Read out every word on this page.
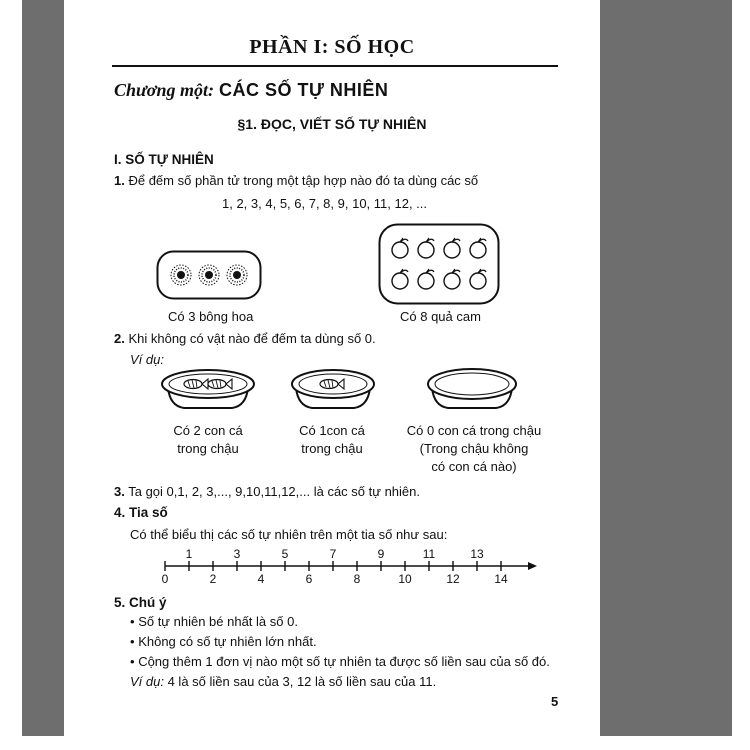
PHẦN I: SỐ HỌC
Chương một: CÁC SỐ TỰ NHIÊN
§1. ĐỌC, VIẾT SỐ TỰ NHIÊN
I. SỐ TỰ NHIÊN
1. Để đếm số phần tử trong một tập hợp nào đó ta dùng các số
1, 2, 3, 4, 5, 6, 7, 8, 9, 10, 11, 12, ...
Có 3 bông hoa	Có 8 quả cam
2. Khi không có vật nào để đếm ta dùng số 0.
Ví dụ:
Có 2 con cá
trong chậu
Có 1con cá
trong chậu
Có 0 con cá trong chậu
(Trong chậu không
có con cá nào)
3. Ta gọi 0,1, 2, 3,..., 9,10,11,12,... là các số tự nhiên.
4. Tia số
Có thể biểu thị các số tự nhiên trên một tia số như sau:
0	2	4	6	8	10	12	14
1	3	5	7	9	11	13
5. Chú ý
• Số tự nhiên bé nhất là số 0.
• Không có số tự nhiên lớn nhất.
• Cộng thêm 1 đơn vị nào một số tự nhiên ta được số liền sau của số đó.
Ví dụ: 4 là số liền sau của 3, 12 là số liền sau của 11.
5
